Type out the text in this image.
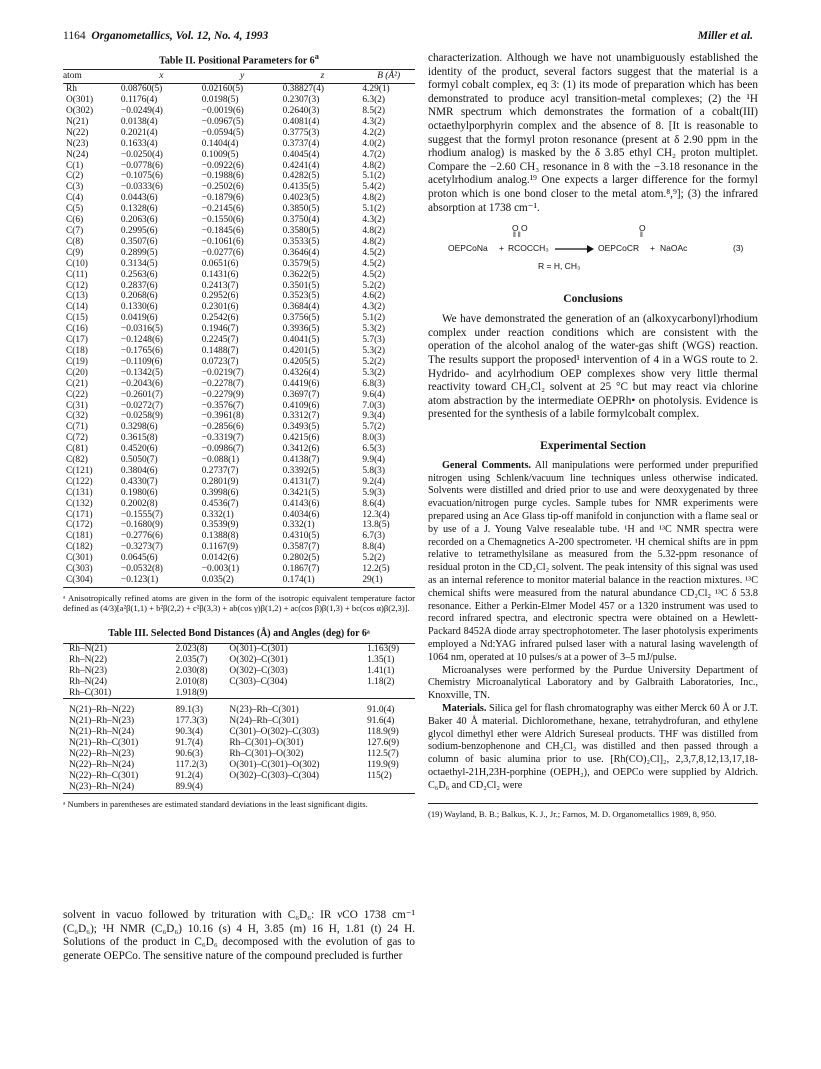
1164 Organometallics, Vol. 12, No. 4, 1993	Miller et al.
Table II. Positional Parameters for 6$^a$
atom	x	y	z	B (Å²)
Rh	0.08760(5)	0.02160(5)	0.38827(4)	4.29(1)
O(301)	0.1176(4)	0.0198(5)	0.2307(3)	6.3(2)
O(302)	−0.0249(4)	−0.0019(6)	0.2640(3)	8.5(2)
N(21)	0.0138(4)	−0.0967(5)	0.4081(4)	4.3(2)
N(22)	0.2021(4)	−0.0594(5)	0.3775(3)	4.2(2)
N(23)	0.1633(4)	0.1404(4)	0.3737(4)	4.0(2)
N(24)	−0.0250(4)	0.1009(5)	0.4045(4)	4.7(2)
C(1)	−0.0778(6)	−0.0922(6)	0.4241(4)	4.8(2)
C(2)	−0.1075(6)	−0.1988(6)	0.4282(5)	5.1(2)
C(3)	−0.0333(6)	−0.2502(6)	0.4135(5)	5.4(2)
C(4)	0.0443(6)	−0.1879(6)	0.4023(5)	4.8(2)
C(5)	0.1328(6)	−0.2145(6)	0.3850(5)	5.1(2)
C(6)	0.2063(6)	−0.1550(6)	0.3750(4)	4.3(2)
C(7)	0.2995(6)	−0.1845(6)	0.3580(5)	4.8(2)
C(8)	0.3507(6)	−0.1061(6)	0.3533(5)	4.8(2)
C(9)	0.2899(5)	−0.0277(6)	0.3646(4)	4.5(2)
C(10)	0.3134(5)	0.0651(6)	0.3579(5)	4.5(2)
C(11)	0.2563(6)	0.1431(6)	0.3622(5)	4.5(2)
C(12)	0.2837(6)	0.2413(7)	0.3501(5)	5.2(2)
C(13)	0.2068(6)	0.2952(6)	0.3523(5)	4.6(2)
C(14)	0.1330(6)	0.2301(6)	0.3684(4)	4.3(2)
C(15)	0.0419(6)	0.2542(6)	0.3756(5)	5.1(2)
C(16)	−0.0316(5)	0.1946(7)	0.3936(5)	5.3(2)
C(17)	−0.1248(6)	0.2245(7)	0.4041(5)	5.7(3)
C(18)	−0.1765(6)	0.1488(7)	0.4201(5)	5.3(2)
C(19)	−0.1109(6)	0.0723(7)	0.4205(5)	5.2(2)
C(20)	−0.1342(5)	−0.0219(7)	0.4326(4)	5.3(2)
C(21)	−0.2043(6)	−0.2278(7)	0.4419(6)	6.8(3)
C(22)	−0.2601(7)	−0.2279(9)	0.3697(7)	9.6(4)
C(31)	−0.0272(7)	−0.3576(7)	0.4109(6)	7.0(3)
C(32)	−0.0258(9)	−0.3961(8)	0.3312(7)	9.3(4)
C(71)	0.3298(6)	−0.2856(6)	0.3493(5)	5.7(2)
C(72)	0.3615(8)	−0.3319(7)	0.4215(6)	8.0(3)
C(81)	0.4520(6)	−0.0986(7)	0.3412(6)	6.5(3)
C(82)	0.5050(7)	−0.088(1)	0.4138(7)	9.9(4)
C(121)	0.3804(6)	0.2737(7)	0.3392(5)	5.8(3)
C(122)	0.4330(7)	0.2801(9)	0.4131(7)	9.2(4)
C(131)	0.1980(6)	0.3998(6)	0.3421(5)	5.9(3)
C(132)	0.2002(8)	0.4536(7)	0.4143(6)	8.6(4)
C(171)	−0.1555(7)	0.332(1)	0.4034(6)	12.3(4)
C(172)	−0.1680(9)	0.3539(9)	0.332(1)	13.8(5)
C(181)	−0.2776(6)	0.1388(8)	0.4310(5)	6.7(3)
C(182)	−0.3273(7)	0.1167(9)	0.3587(7)	8.8(4)
C(301)	0.0645(6)	0.0142(6)	0.2802(5)	5.2(2)
C(303)	−0.0532(8)	−0.003(1)	0.1867(7)	12.2(5)
C(304)	−0.123(1)	0.035(2)	0.174(1)	29(1)

ᵃ Anisotropically refined atoms are given in the form of the isotropic equivalent temperature factor defined as (4/3)[a²β(1,1) + b²β(2,2) + c²β(3,3) + ab(cos γ)β(1,2) + ac(cos β)β(1,3) + bc(cos α)β(2,3)].

Table III. Selected Bond Distances (Å) and Angles (deg) for 6ᵃ
Rh–N(21)	2.023(8)	O(301)–C(301)	1.163(9)
Rh–N(22)	2.035(7)	O(302)–C(301)	1.35(1)
Rh–N(23)	2.030(8)	O(302)–C(303)	1.41(1)
Rh–N(24)	2.010(8)	C(303)–C(304)	1.18(2)
Rh–C(301)	1.918(9)		

N(21)–Rh–N(22)	89.1(3)	N(23)–Rh–C(301)	91.0(4)
N(21)–Rh–N(23)	177.3(3)	N(24)–Rh–C(301)	91.6(4)
N(21)–Rh–N(24)	90.3(4)	C(301)–O(302)–C(303)	118.9(9)
N(21)–Rh–C(301)	91.7(4)	Rh–C(301)–O(301)	127.6(9)
N(22)–Rh–N(23)	90.6(3)	Rh–C(301)–O(302)	112.5(7)
N(22)–Rh–N(24)	117.2(3)	O(301)–C(301)–O(302)	119.9(9)
N(22)–Rh–C(301)	91.2(4)	O(302)–C(303)–C(304)	115(2)
N(23)–Rh–N(24)	89.9(4)		

ᵃ Numbers in parentheses are estimated standard deviations in the least significant digits.

solvent in vacuo followed by trituration with C₆D₆: IR νCO 1738 cm⁻¹ (C₆D₆); ¹H NMR (C₆D₆) 10.16 (s) 4 H, 3.85 (m) 16 H, 1.81 (t) 24 H. Solutions of the product in C₆D₆ decomposed with the evolution of gas to generate OEPCo. The sensitive nature of the compound precluded is further

characterization. Although we have not unambiguously established the identity of the product, several factors suggest that the material is a formyl cobalt complex, eq 3: (1) its mode of preparation which has been demonstrated to produce acyl transition-metal complexes; (2) the ¹H NMR spectrum which demonstrates the formation of a cobalt(III) octaethylporphyrin complex and the absence of 8. [It is reasonable to suggest that the formyl proton resonance (present at δ 2.90 ppm in the rhodium analog) is masked by the δ 3.85 ethyl CH₂ proton multiplet. Compare the −2.60 CH₃ resonance in 8 with the −3.18 resonance in the acetylrhodium analog.¹⁹ One expects a larger difference for the formyl proton which is one bond closer to the metal atom.⁸,⁹]; (3) the infrared absorption at 1738 cm⁻¹.

O O	O
‖ ‖	‖
OEPCoNa + RCOCCH₃	OEPCoCR + NaOAc	(3)
R = H, CH₃
Conclusions

We have demonstrated the generation of an (alkoxycarbonyl)rhodium complex under reaction conditions which are consistent with the operation of the alcohol analog of the water-gas shift (WGS) reaction. The results support the proposed¹ intervention of 4 in a WGS route to 2. Hydrido- and acylrhodium OEP complexes show very little thermal reactivity toward CH₂Cl₂ solvent at 25 °C but may react via chlorine atom abstraction by the intermediate OEPRh• on photolysis. Evidence is presented for the synthesis of a labile formylcobalt complex.

Experimental Section

General Comments. All manipulations were performed under prepurified nitrogen using Schlenk/vacuum line techniques unless otherwise indicated. Solvents were distilled and dried prior to use and were deoxygenated by three evacuation/nitrogen purge cycles. Sample tubes for NMR experiments were prepared using an Ace Glass tip-off manifold in conjunction with a flame seal or by use of a J. Young Valve resealable tube. ¹H and ¹³C NMR spectra were recorded on a Chemagnetics A-200 spectrometer. ¹H chemical shifts are in ppm relative to tetramethylsilane as measured from the 5.32-ppm resonance of residual proton in the CD₂Cl₂ solvent. The peak intensity of this signal was used as an internal reference to monitor material balance in the reaction mixtures. ¹³C chemical shifts were measured from the natural abundance CD₂Cl₂ ¹³C δ 53.8 resonance. Either a Perkin-Elmer Model 457 or a 1320 instrument was used to record infrared spectra, and electronic spectra were obtained on a Hewlett-Packard 8452A diode array spectrophotometer. The laser photolysis experiments employed a Nd:YAG infrared pulsed laser with a natural lasing wavelength of 1064 nm, operated at 10 pulses/s at a power of 3–5 mJ/pulse.

Microanalyses were performed by the Purdue University Department of Chemistry Microanalytical Laboratory and by Galbraith Laboratories, Inc., Knoxville, TN.

Materials. Silica gel for flash chromatography was either Merck 60 Å or J.T. Baker 40 Å material. Dichloromethane, hexane, tetrahydrofuran, and ethylene glycol dimethyl ether were Aldrich Sureseal products. THF was distilled from sodium-benzophenone and CH₂Cl₂ was distilled and then passed through a column of basic alumina prior to use. [Rh(CO)₂Cl]₂, 2,3,7,8,12,13,17,18-octaethyl-21H,23H-porphine (OEPH₂), and OEPCo were supplied by Aldrich. C₆D₆ and CD₂Cl₂ were

(19) Wayland, B. B.; Balkus, K. J., Jr.; Farnos, M. D. Organometallics 1989, 8, 950.
